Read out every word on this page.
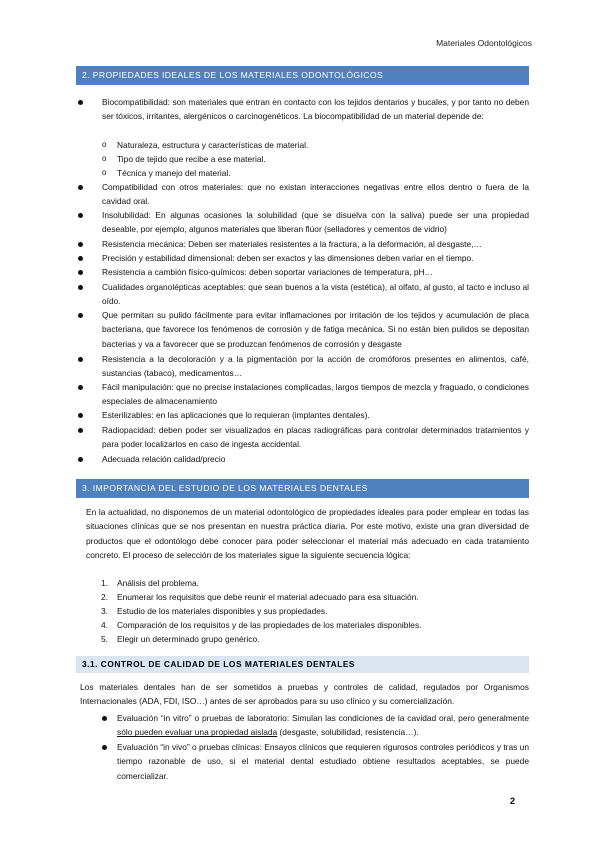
Materiales Odontológicos
2. PROPIEDADES IDEALES DE LOS MATERIALES ODONTOLÓGICOS
Biocompatibilidad: son materiales que entran en contacto con los tejidos dentarios y bucales, y por tanto no deben ser tóxicos, irritantes, alergénicos o carcinogenéticos. La biocompatibilidad de un material depende de:
o Naturaleza, estructura y características de material.
o Tipo de tejido que recibe a ese material.
o Técnica y manejo del material.
Compatibilidad con otros materiales: que no existan interacciones negativas entre ellos dentro o fuera de la cavidad oral.
Insolubilidad: En algunas ocasiones la solubilidad (que se disuelva con la saliva) puede ser una propiedad deseable, por ejemplo, algunos materiales que liberan flúor (selladores y cementos de vidrio)
Resistencia mecánica: Deben ser materiales resistentes a la fractura, a la deformación, al desgaste,…
Precisión y estabilidad dimensional: deben ser exactos y las dimensiones deben variar en el tiempo.
Resistencia a cambión físico-químicos: deben soportar variaciones de temperatura, pH…
Cualidades organolépticas aceptables: que sean buenos a la vista (estética), al olfato, al gusto, al tacto e incluso al oído.
Que permitan su pulido fácilmente para evitar inflamaciones por irritación de los tejidos y acumulación de placa bacteriana, que favorece los fenómenos de corrosión y de fatiga mecánica. Si no están bien pulidos se depositan bacterias y va a favorecer que se produzcan fenómenos de corrosión y desgaste
Resistencia a la decoloración y a la pigmentación por la acción de cromóforos presentes en alimentos, café, sustancias (tabaco), medicamentos…
Fácil manipulación: que no precise instalaciones complicadas, largos tiempos de mezcla y fraguado, o condiciones especiales de almacenamiento
Esterilizables: en las aplicaciones que lo requieran (implantes dentales).
Radiopacidad: deben poder ser visualizados en placas radiográficas para controlar determinados tratamientos y para poder localizarlos en caso de ingesta accidental.
Adecuada relación calidad/precio
3. IMPORTANCIA DEL ESTUDIO DE LOS MATERIALES DENTALES
En la actualidad, no disponemos de un material odontológico de propiedades ideales para poder emplear en todas las situaciones clínicas que se nos presentan en nuestra práctica diaria. Por este motivo, existe una gran diversidad de productos que el odontólogo debe conocer para poder seleccionar el material más adecuado en cada tratamiento concreto. El proceso de selección de los materiales sigue la siguiente secuencia lógica:
1. Análisis del problema.
2. Enumerar los requisitos que debe reunir el material adecuado para esa situación.
3. Estudio de los materiales disponibles y sus propiedades.
4. Comparación de los requisitos y de las propiedades de los materiales disponibles.
5. Elegir un determinado grupo genérico.
3.1. CONTROL DE CALIDAD DE LOS MATERIALES DENTALES
Los materiales dentales han de ser sometidos a pruebas y controles de calidad, regulados por Organismos Internacionales (ADA, FDI, ISO…) antes de ser aprobados para su uso clínico y su comercialización.
Evaluación “in vitro” o pruebas de laboratorio: Simulan las condiciones de la cavidad oral, pero generalmente sólo pueden evaluar una propiedad aislada (desgaste, solubilidad, resistencia…).
Evaluación “in vivo” o pruebas clínicas: Ensayos clínicos que requieren rigurosos controles periódicos y tras un tiempo razonable de uso, si el material dental estudiado obtiene resultados aceptables, se puede comercializar.
2
